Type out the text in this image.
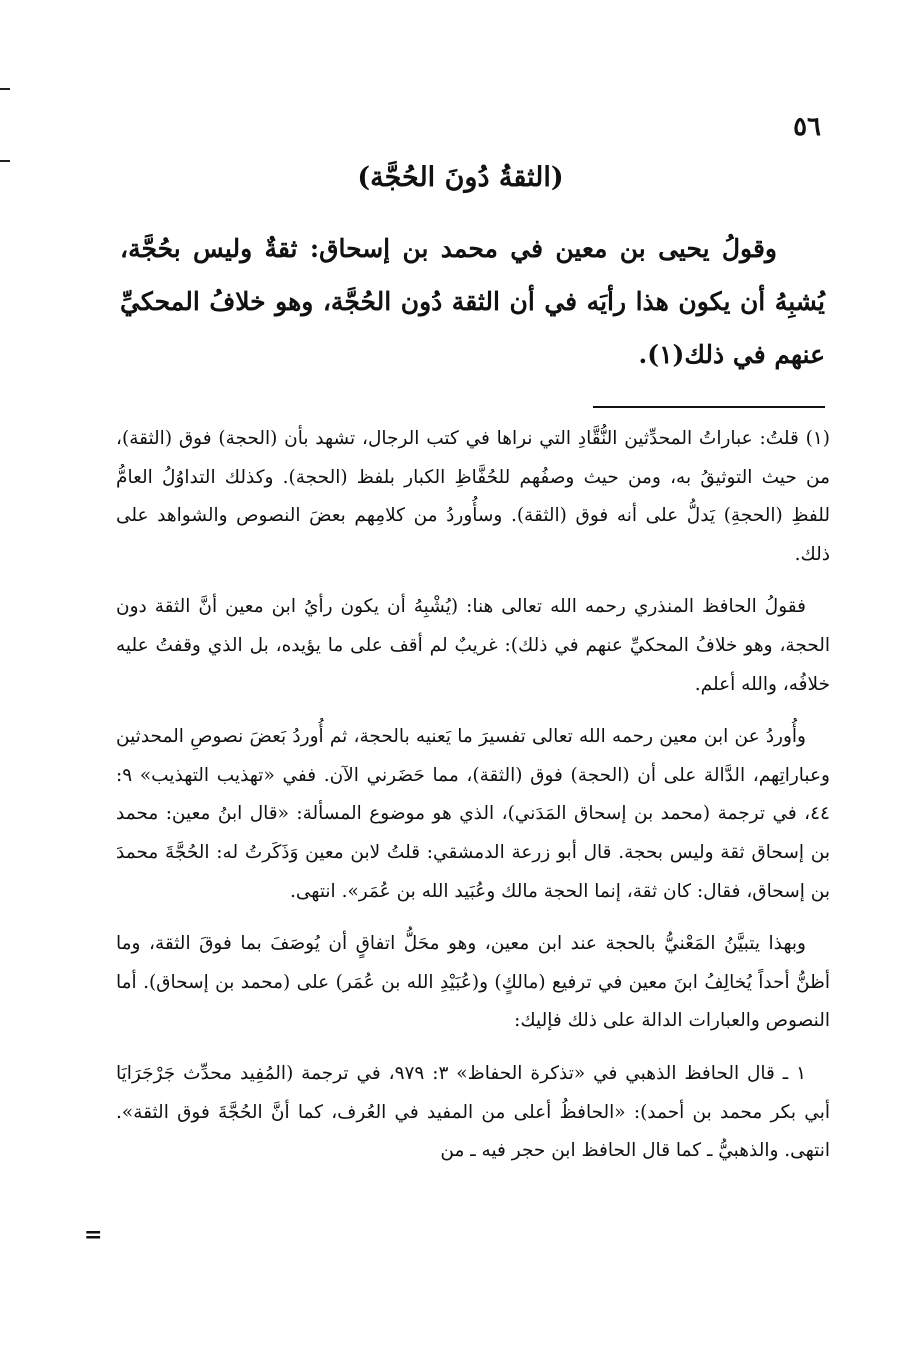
٥٦
(الثقةُ دُونَ الحُجَّة)

وقولُ يحيى بن معين في محمد بن إسحاق: ثقةٌ وليس بحُجَّة، يُشبِهُ أن يكون هذا رأيَه في أن الثقة دُون الحُجَّة، وهو خلافُ المحكيِّ عنهم في ذلك(١).

(١) قلتُ: عباراتُ المحدِّثين النُّقَّادِ التي نراها في كتب الرجال، تشهد بأن (الحجة) فوق (الثقة)، من حيث التوثيقُ به، ومن حيث وصفُهم للحُفَّاظِ الكبار بلفظ (الحجة). وكذلك التداوُلُ العامُّ للفظِ (الحجةِ) يَدلُّ على أنه فوق (الثقة). وسأُوردُ من كلامِهم بعضَ النصوص والشواهد على ذلك.

فقولُ الحافظ المنذري رحمه الله تعالى هنا: (يُشْبِهُ أن يكون رأيُ ابن معين أنَّ الثقة دون الحجة، وهو خلافُ المحكيِّ عنهم في ذلك): غريبٌ لم أقف على ما يؤيده، بل الذي وقفتُ عليه خلافُه، والله أعلم.

وأُوردُ عن ابن معين رحمه الله تعالى تفسيرَ ما يَعنيه بالحجة، ثم أُوردُ بَعضَ نصوصِ المحدثين وعباراتِهم، الدَّالة على أن (الحجة) فوق (الثقة)، مما حَضَرني الآن. ففي «تهذيب التهذيب» ٩: ٤٤، في ترجمة (محمد بن إسحاق المَدَني)، الذي هو موضوع المسألة: «قال ابنُ معين: محمد بن إسحاق ثقة وليس بحجة. قال أبو زرعة الدمشقي: قلتُ لابن معين وَذَكَرتُ له: الحُجَّةَ محمدَ بن إسحاق، فقال: كان ثقة، إنما الحجة مالك وعُبَيد الله بن عُمَر». انتهى.

وبهذا يتبيَّنُ المَعْنيُّ بالحجة عند ابن معين، وهو محَلُّ اتفاقٍ أن يُوصَفَ بما فوقَ الثقة، وما أظنُّ أحداً يُخالِفُ ابنَ معين في ترفيع (مالكٍ) و(عُبَيْدِ الله بن عُمَر) على (محمد بن إسحاق). أما النصوص والعبارات الدالة على ذلك فإليك:

١ ـ قال الحافظ الذهبي في «تذكرة الحفاظ» ٣: ٩٧٩، في ترجمة (المُفِيد محدِّث جَرْجَرَايَا أبي بكر محمد بن أحمد): «الحافظُ أعلى من المفيد في العُرف، كما أنَّ الحُجَّةَ فوق الثقة». انتهى. والذهبيُّ ـ كما قال الحافظ ابن حجر فيه ـ من

=
